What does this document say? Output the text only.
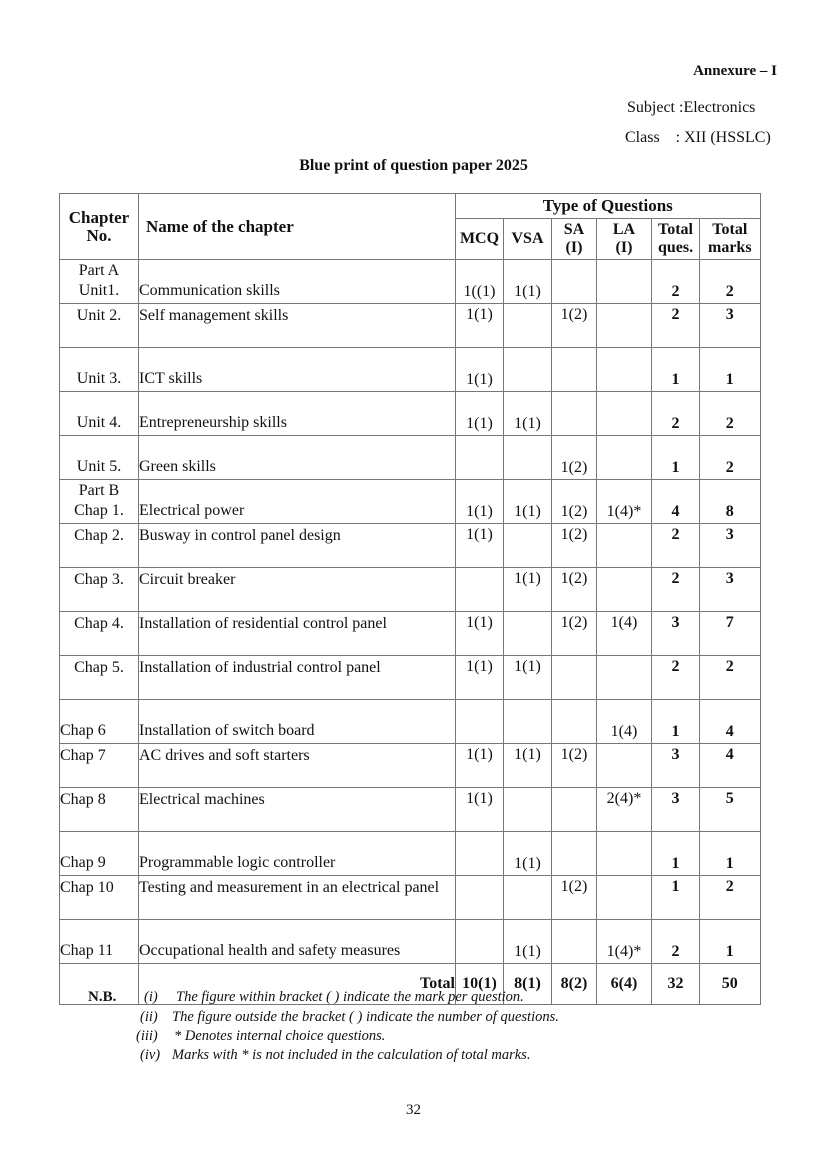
Annexure – I
Subject :Electronics
Class    : XII (HSSLC)
Blue print of question paper 2025
Chapter No.	Name of the chapter	Type of Questions					
		MCQ	VSA	SA (I)	LA (I)	Total ques.	Total marks

Part A
Unit1.	Communication skills	1((1)	1(1)			2	2

Unit 2.	Self management skills	1(1)		1(2)		2	3

Unit 3.	ICT skills	1(1)				1	1

Unit 4.	Entrepreneurship skills	1(1)	1(1)			2	2

Unit 5.	Green skills			1(2)		1	2

Part B
Chap 1.	Electrical power	1(1)	1(1)	1(2)	1(4)*	4	8

Chap 2.	Busway in control panel design	1(1)		1(2)		2	3

Chap 3.	Circuit breaker		1(1)	1(2)		2	3

Chap 4.	Installation of residential control panel	1(1)		1(2)	1(4)	3	7

Chap 5.	Installation of industrial control panel	1(1)	1(1)			2	2

Chap 6	Installation of switch board				1(4)	1	4

Chap 7	AC drives and soft starters	1(1)	1(1)	1(2)		3	4

Chap 8	Electrical machines	1(1)			2(4)*	3	5

Chap 9	Programmable logic controller		1(1)			1	1

Chap 10	Testing and measurement in an electrical panel			1(2)		1	2

Chap 11	Occupational health and safety measures		1(1)		1(4)*	2	1
	Total	10(1)	8(1)	8(2)	6(4)	32	50
N.B. (i) The figure within bracket ( ) indicate the mark per question.
(ii) The figure outside the bracket ( ) indicate the number of questions.
(iii) * Denotes internal choice questions.
(iv) Marks with * is not included in the calculation of total marks.
32
